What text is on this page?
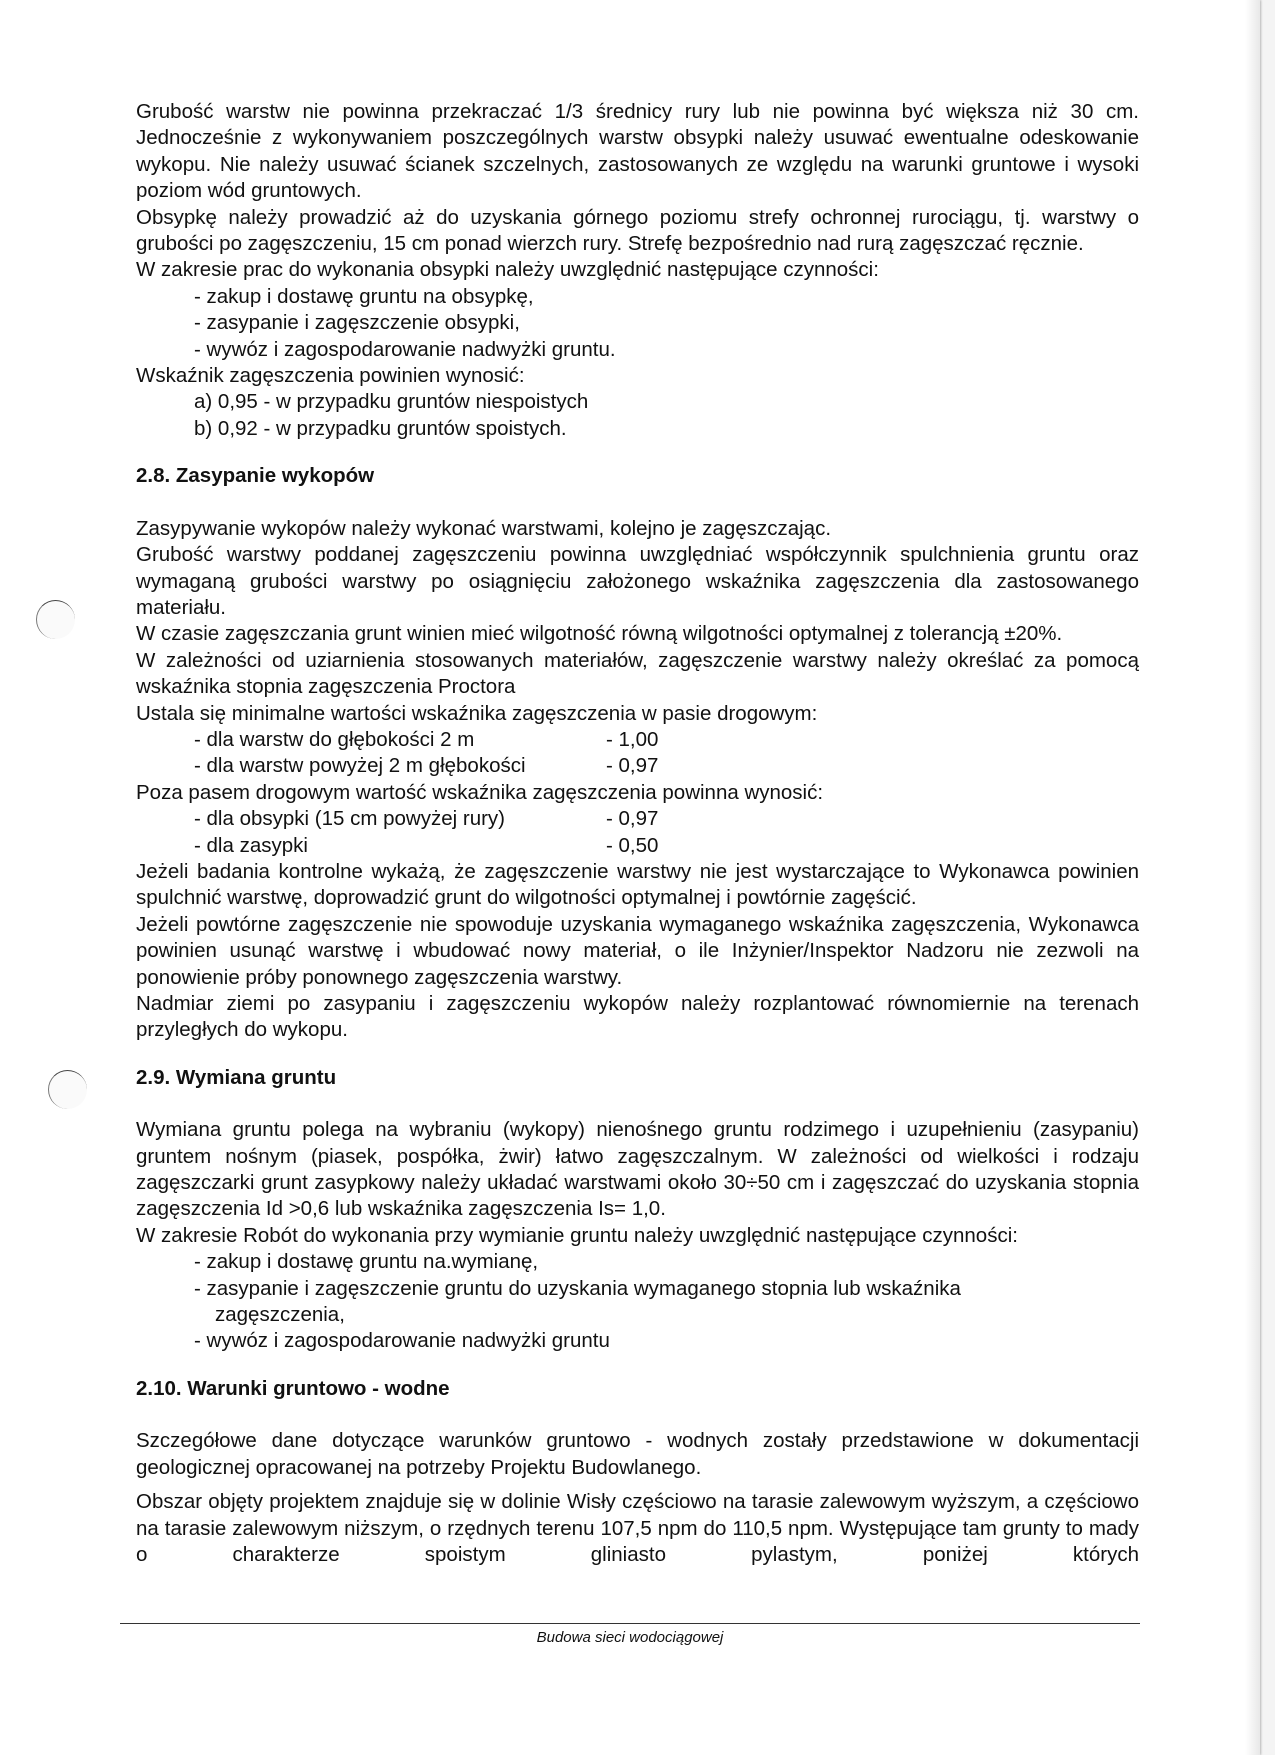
Grubość warstw nie powinna przekraczać 1/3 średnicy rury lub nie powinna być większa niż 30 cm. Jednocześnie z wykonywaniem poszczególnych warstw obsypki należy usuwać ewentualne odeskowanie wykopu. Nie należy usuwać ścianek szczelnych, zastosowanych ze względu na warunki gruntowe i wysoki poziom wód gruntowych.

Obsypkę należy prowadzić aż do uzyskania górnego poziomu strefy ochronnej rurociągu, tj. warstwy o grubości po zagęszczeniu, 15 cm ponad wierzch rury. Strefę bezpośrednio nad rurą zagęszczać ręcznie.

W zakresie prac do wykonania obsypki należy uwzględnić następujące czynności:

- zakup i dostawę gruntu na obsypkę,

- zasypanie i zagęszczenie obsypki,

- wywóz i zagospodarowanie nadwyżki gruntu.

Wskaźnik zagęszczenia powinien wynosić:

a) 0,95 - w przypadku gruntów niespoistych

b) 0,92 - w przypadku gruntów spoistych.

2.8. Zasypanie wykopów

Zasypywanie wykopów należy wykonać warstwami, kolejno je zagęszczając.

Grubość warstwy poddanej zagęszczeniu powinna uwzględniać współczynnik spulchnienia gruntu oraz wymaganą grubości warstwy po osiągnięciu założonego wskaźnika zagęszczenia dla zastosowanego materiału.

W czasie zagęszczania grunt winien mieć wilgotność równą wilgotności optymalnej z tolerancją ±20%.

W zależności od uziarnienia stosowanych materiałów, zagęszczenie warstwy należy określać za pomocą wskaźnika stopnia zagęszczenia Proctora

Ustala się minimalne wartości wskaźnika zagęszczenia w pasie drogowym:

- dla warstw do głębokości 2 m	- 1,00
- dla warstw powyżej 2 m głębokości	- 0,97

Poza pasem drogowym wartość wskaźnika zagęszczenia powinna wynosić:

- dla obsypki (15 cm powyżej rury)	- 0,97
- dla zasypki	- 0,50

Jeżeli badania kontrolne wykażą, że zagęszczenie warstwy nie jest wystarczające to Wykonawca powinien spulchnić warstwę, doprowadzić grunt do wilgotności optymalnej i powtórnie zagęścić.

Jeżeli powtórne zagęszczenie nie spowoduje uzyskania wymaganego wskaźnika zagęszczenia, Wykonawca powinien usunąć warstwę i wbudować nowy materiał, o ile Inżynier/Inspektor Nadzoru nie zezwoli na ponowienie próby ponownego zagęszczenia warstwy.

Nadmiar ziemi po zasypaniu i zagęszczeniu wykopów należy rozplantować równomiernie na terenach przyległych do wykopu.

2.9. Wymiana gruntu

Wymiana gruntu polega na wybraniu (wykopy) nienośnego gruntu rodzimego i uzupełnieniu (zasypaniu) gruntem nośnym (piasek, pospółka, żwir) łatwo zagęszczalnym. W zależności od wielkości i rodzaju zagęszczarki grunt zasypkowy należy układać warstwami około 30÷50 cm i zagęszczać do uzyskania stopnia zagęszczenia Id >0,6 lub wskaźnika zagęszczenia Is= 1,0.

W zakresie Robót do wykonania przy wymianie gruntu należy uwzględnić następujące czynności:

- zakup i dostawę gruntu na.wymianę,

- zasypanie i zagęszczenie gruntu do uzyskania wymaganego stopnia lub wskaźnika

zagęszczenia,

- wywóz i zagospodarowanie nadwyżki gruntu

2.10. Warunki gruntowo - wodne

Szczegółowe dane dotyczące warunków gruntowo - wodnych zostały przedstawione w dokumentacji geologicznej opracowanej na potrzeby Projektu Budowlanego.

Obszar objęty projektem znajduje się w dolinie Wisły częściowo na tarasie zalewowym wyższym, a częściowo na tarasie zalewowym niższym, o rzędnych terenu 107,5 npm do 110,5 npm. Występujące tam grunty to mady o charakterze spoistym gliniasto pylastym, poniżej których

Budowa sieci wodociągowej
